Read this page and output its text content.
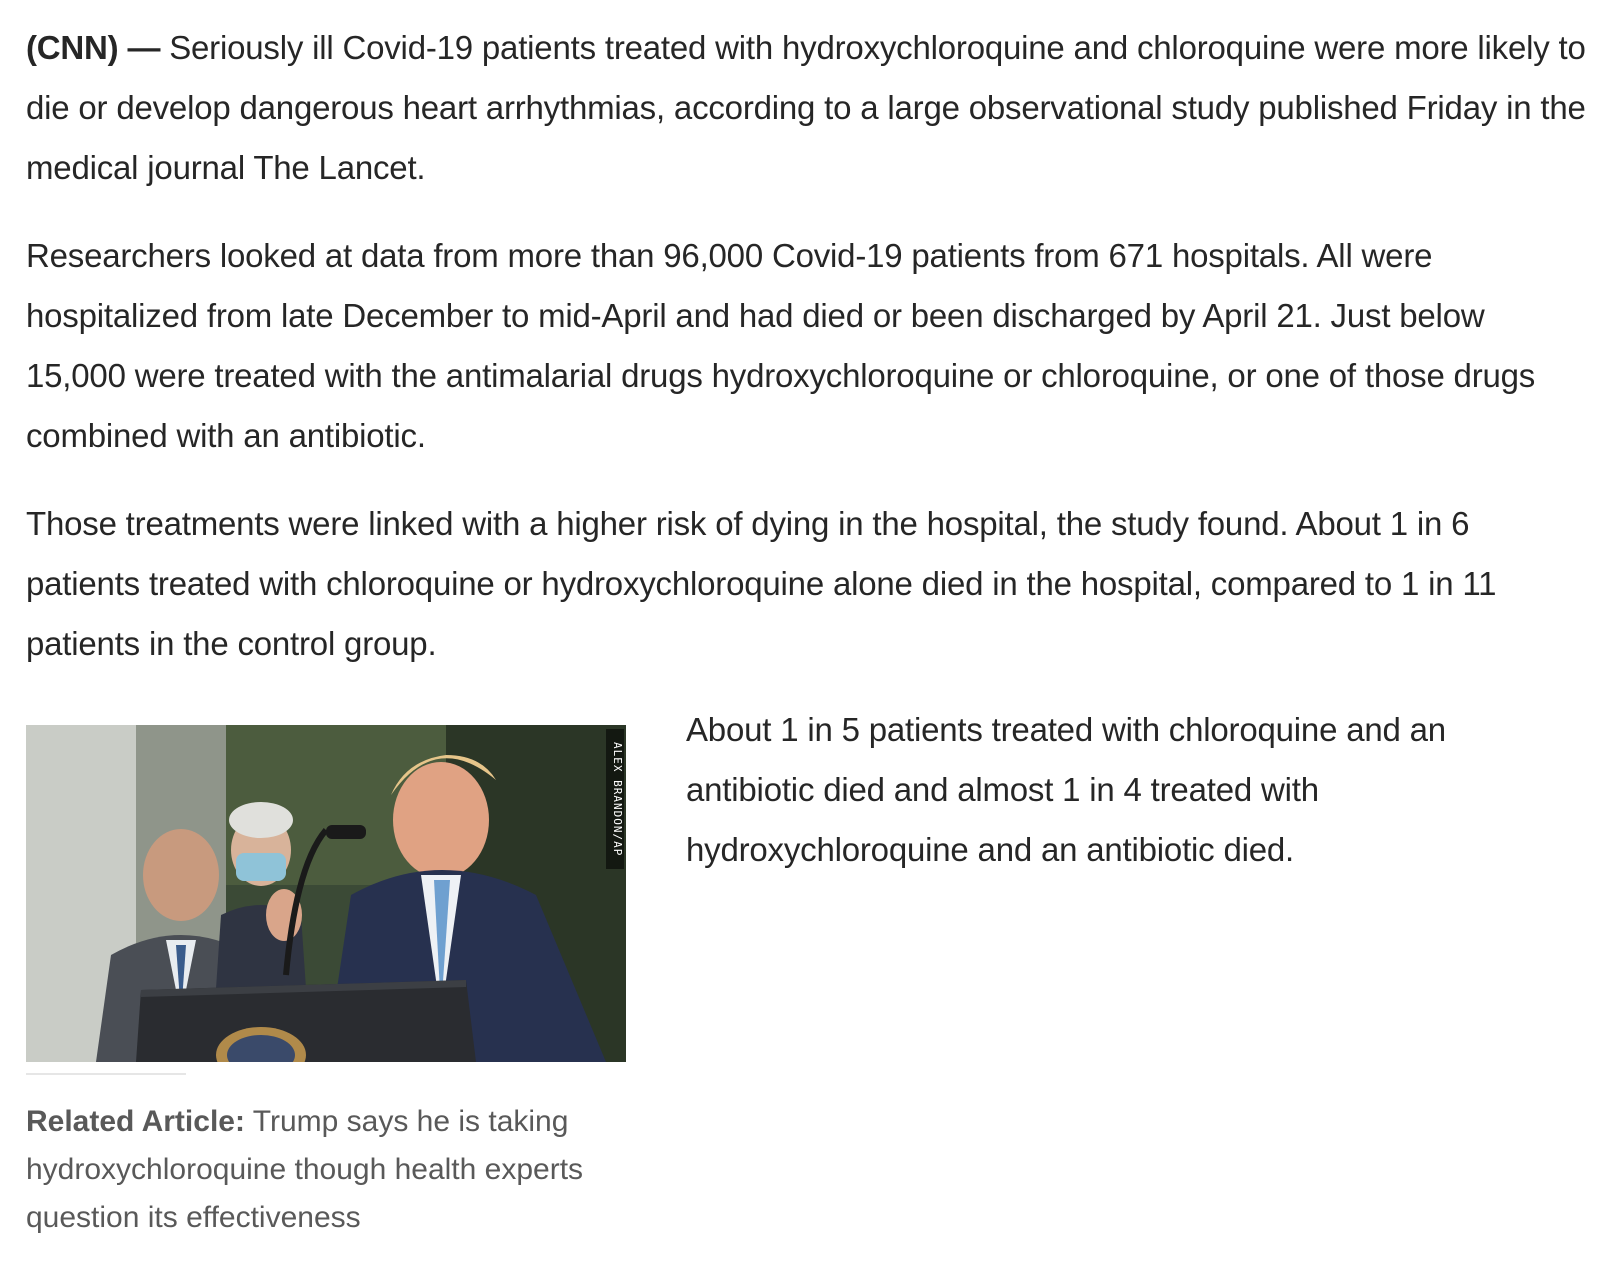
(CNN) — Seriously ill Covid-19 patients treated with hydroxychloroquine and chloroquine were more likely to die or develop dangerous heart arrhythmias, according to a large observational study published Friday in the medical journal The Lancet.

Researchers looked at data from more than 96,000 Covid-19 patients from 671 hospitals. All were hospitalized from late December to mid-April and had died or been discharged by April 21. Just below 15,000 were treated with the antimalarial drugs hydroxychloroquine or chloroquine, or one of those drugs combined with an antibiotic.

Those treatments were linked with a higher risk of dying in the hospital, the study found. About 1 in 6 patients treated with chloroquine or hydroxychloroquine alone died in the hospital, compared to 1 in 11 patients in the control group.

ALEX BRANDON/AP
About 1 in 5 patients treated with chloroquine and an antibiotic died and almost 1 in 4 treated with hydroxychloroquine and an antibiotic died.
Related Article: Trump says he is taking hydroxychloroquine though health experts question its effectiveness
